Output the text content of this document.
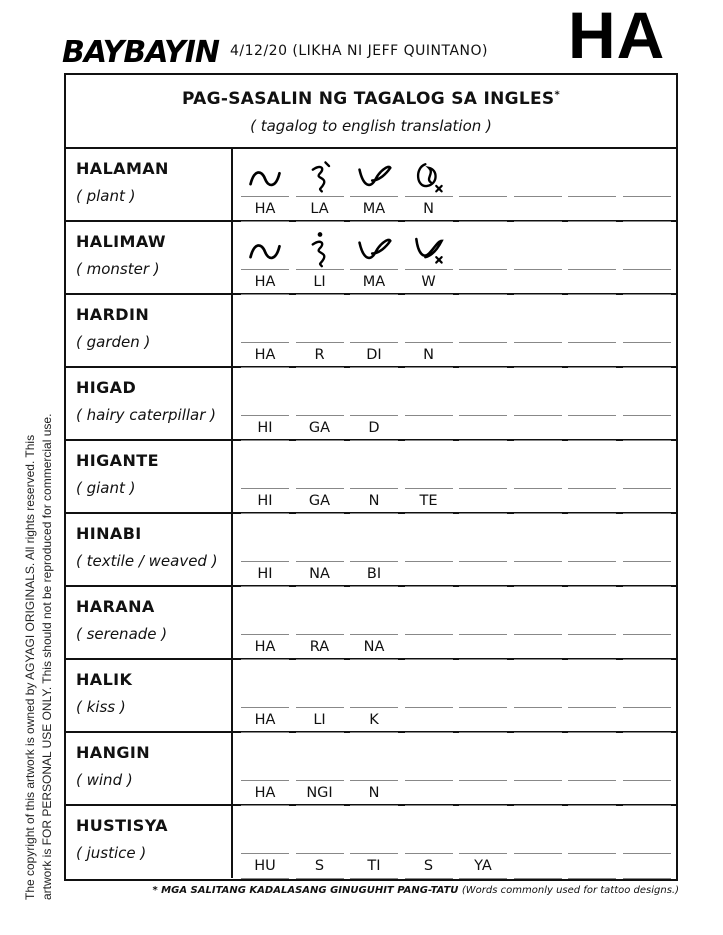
BAYBAYIN 4/12/20 (LIKHA NI JEFF QUINTANO) HA
PAG-SASALIN NG TAGALOG SA INGLES*
( tagalog to english translation )
HALAMAN
( plant )
HA	LA	MA	N
HALIMAW
( monster )
HA	LI	MA	W
HARDIN
( garden )
HA	R	DI	N
HIGAD
( hairy caterpillar )
HI	GA	D
HIGANTE
( giant )
HI	GA	N	TE
HINABI
( textile / weaved )
HI	NA	BI
HARANA
( serenade )
HA	RA	NA
HALIK
( kiss )
HA	LI	K
HANGIN
( wind )
HA	NGI	N
HUSTISYA
( justice )
HU	S	TI	S	YA
* MGA SALITANG KADALASANG GINUGUHIT PANG-TATU (Words commonly used for tattoo designs.)
The copyright of this artwork is owned by AGYAGI ORIGINALS. All rights reserved. This artwork is FOR PERSONAL USE ONLY. This should not be reproduced for commercial use.
